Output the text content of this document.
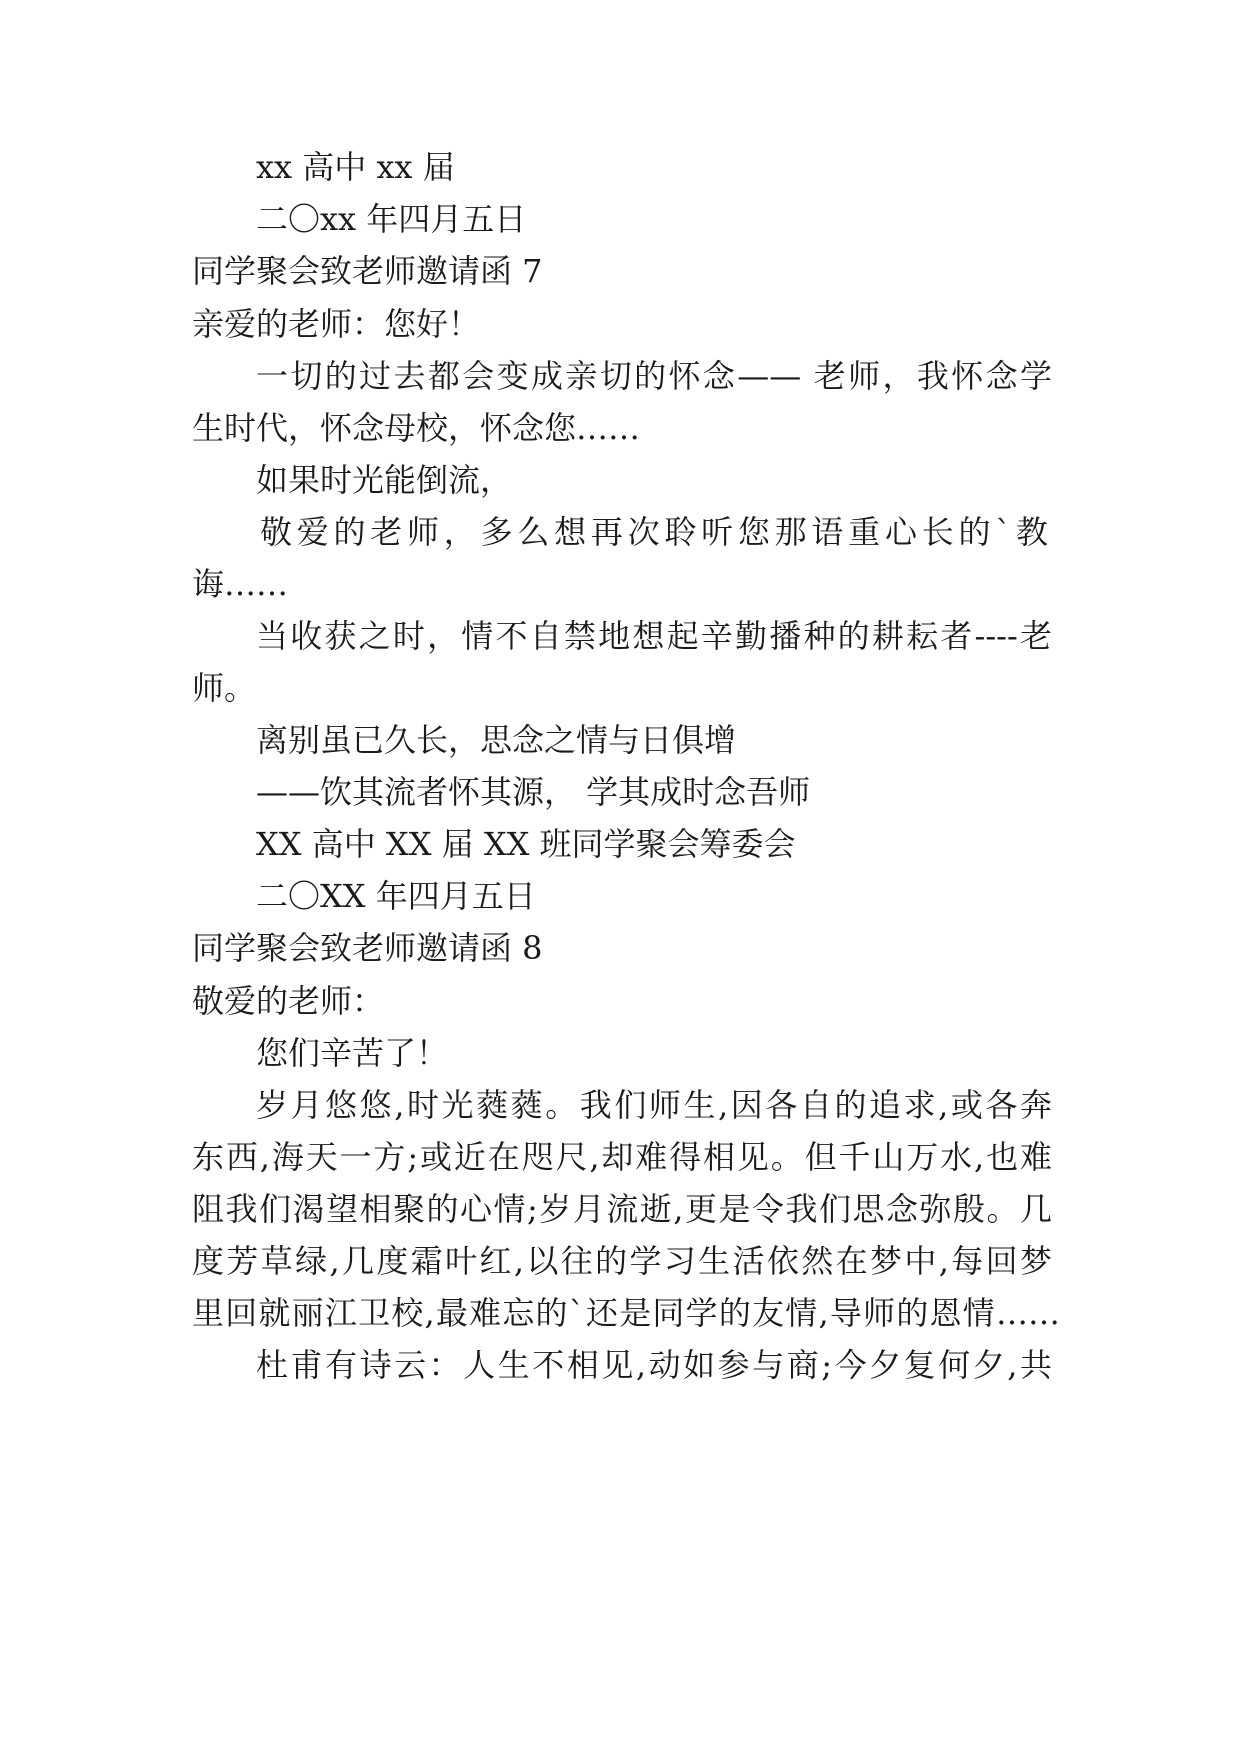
xx 高中 xx 届
二〇xx 年四月五日
同学聚会致老师邀请函 7
亲爱的老师：您好！
一切的过去都会变成亲切的怀念—— 老师，我怀念学
生时代，怀念母校，怀念您……
如果时光能倒流，
敬爱的老师，多么想再次聆听您那语重心长的`教
诲……
当收获之时，情不自禁地想起辛勤播种的耕耘者----老
师。
离别虽已久长，思念之情与日俱增
——饮其流者怀其源， 学其成时念吾师
XX 高中 XX 届 XX 班同学聚会筹委会
二〇XX 年四月五日
同学聚会致老师邀请函 8
敬爱的老师：
您们辛苦了！
岁月悠悠,时光蕤蕤。我们师生,因各自的追求,或各奔
东西,海天一方;或近在咫尺,却难得相见。但千山万水,也难
阻我们渴望相聚的心情;岁月流逝,更是令我们思念弥殷。几
度芳草绿,几度霜叶红,以往的学习生活依然在梦中,每回梦
里回就丽江卫校,最难忘的`还是同学的友情,导师的恩情……
杜甫有诗云：人生不相见,动如参与商;今夕复何夕,共
